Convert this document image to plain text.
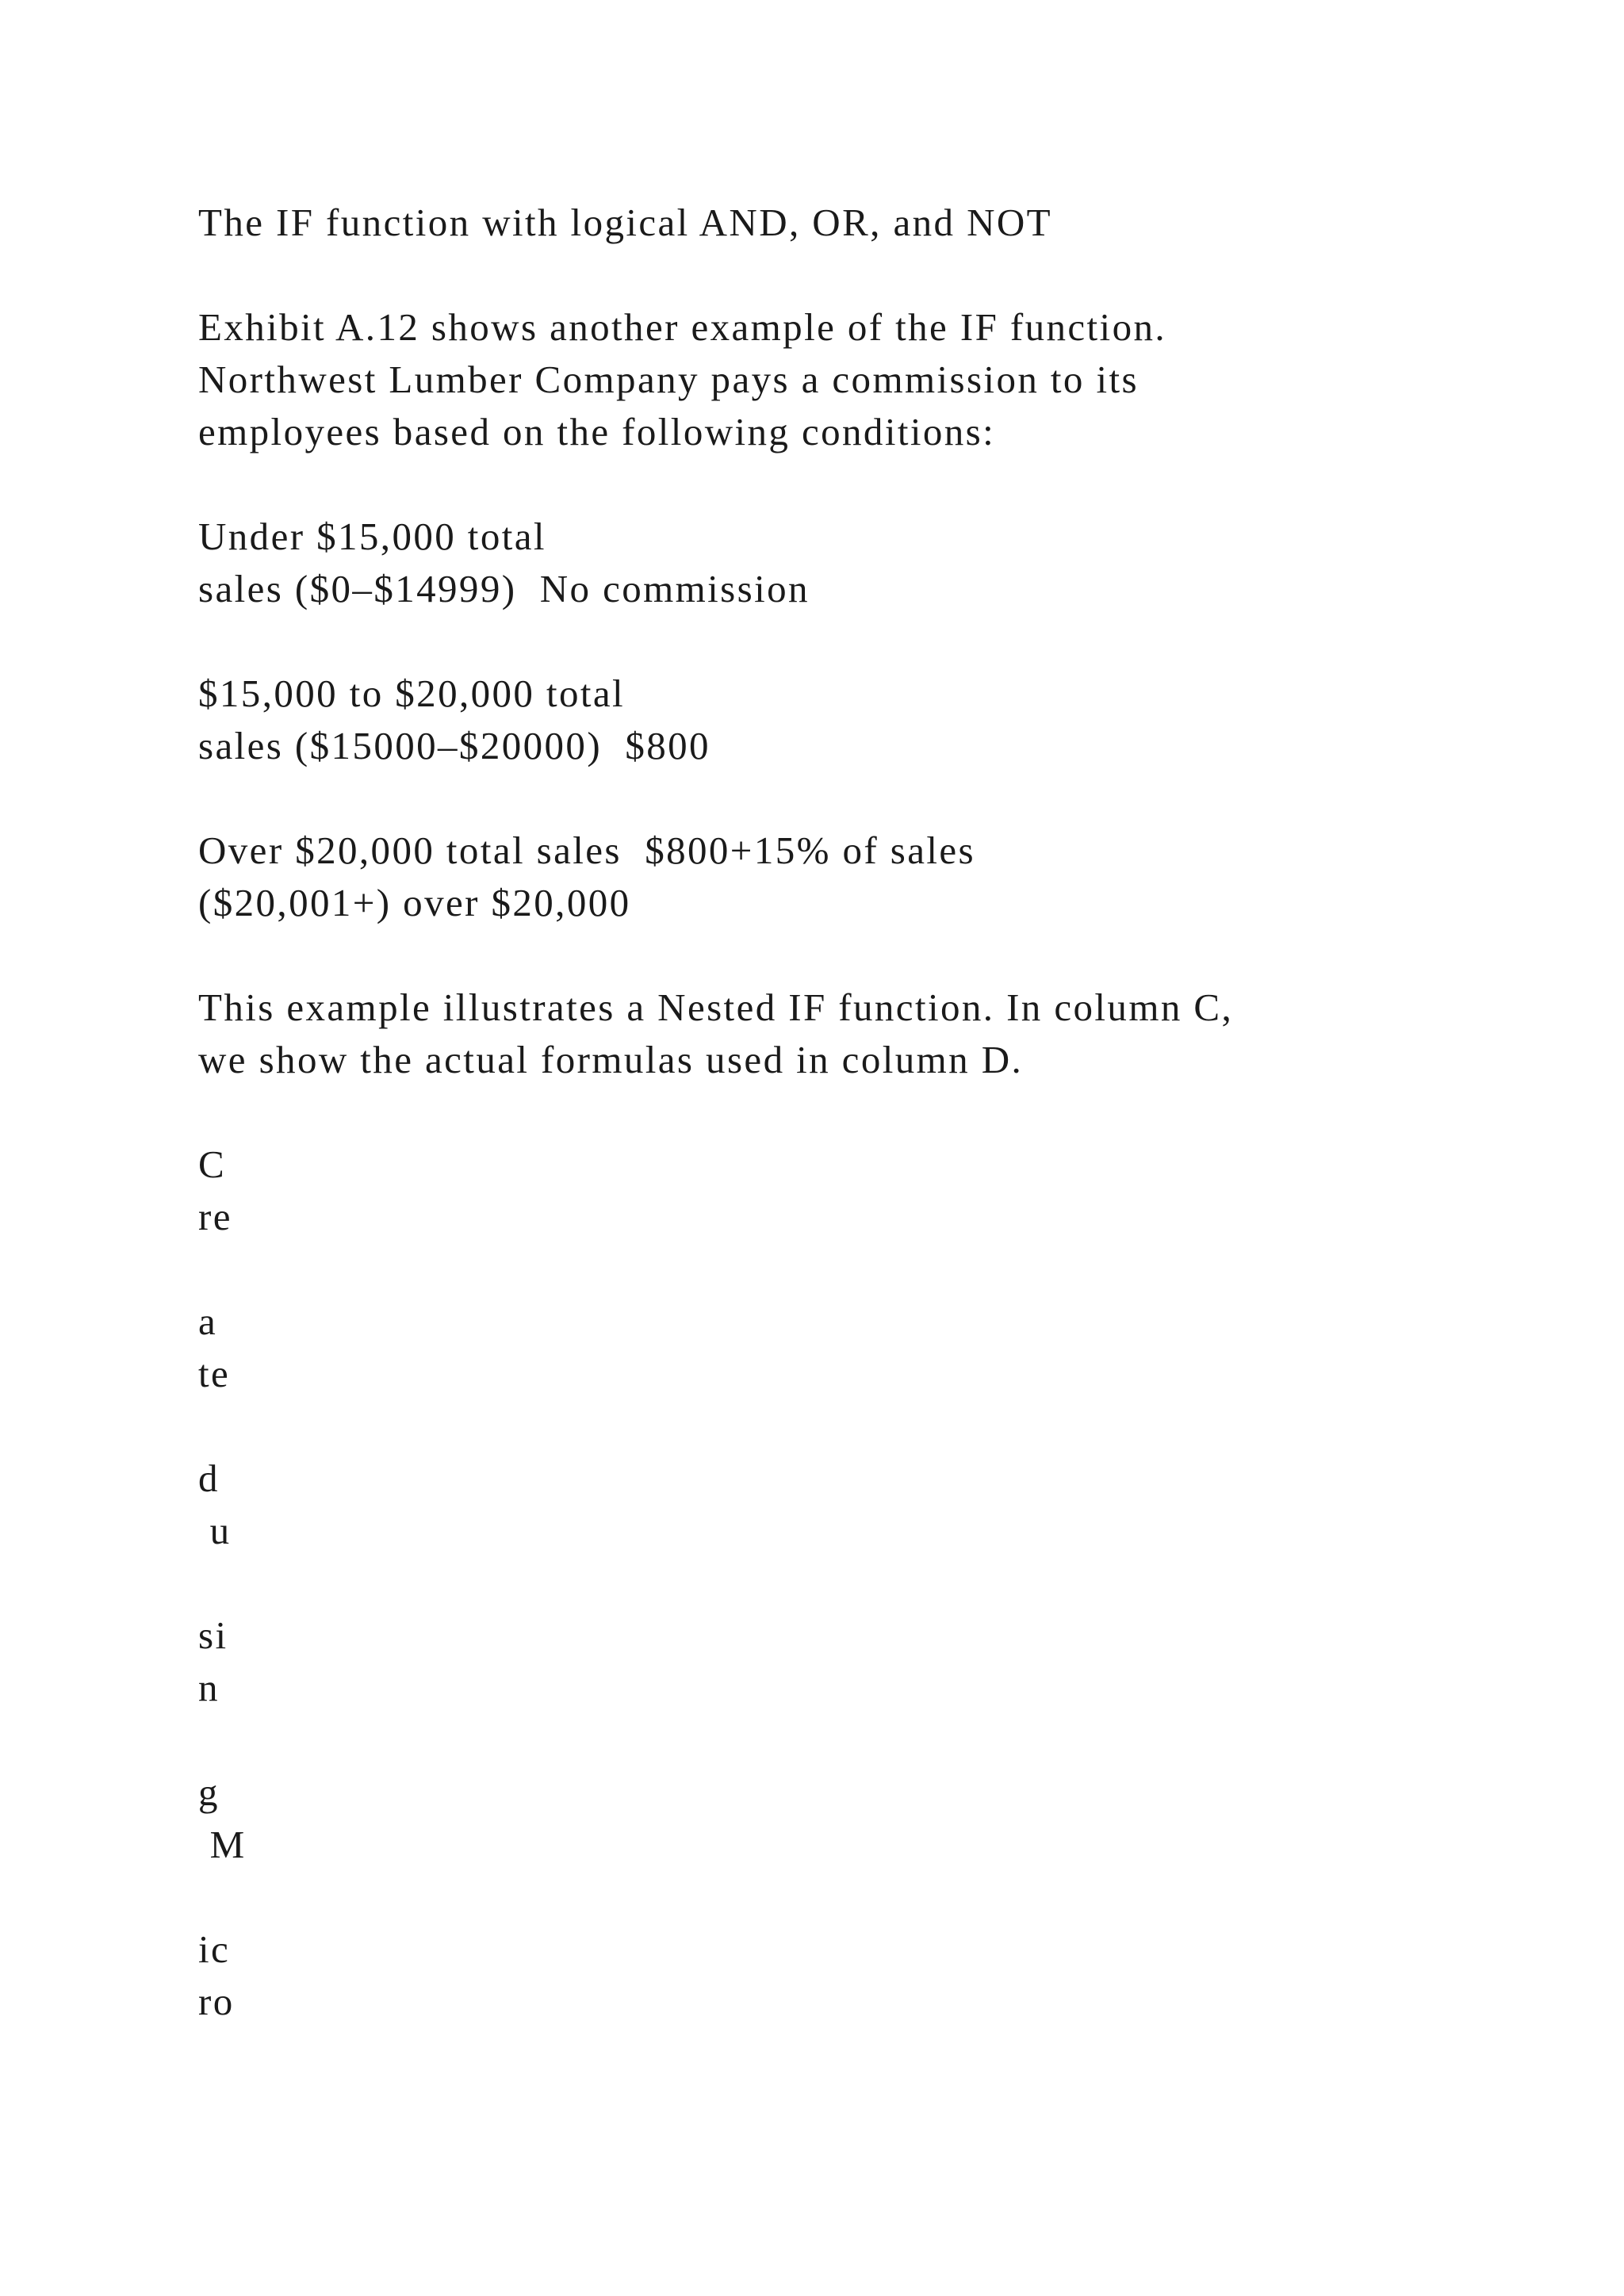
The IF function with logical AND, OR, and NOT
Exhibit A.12 shows another example of the IF function.
Northwest Lumber Company pays a commission to its
employees based on the following conditions:
Under $15,000 total
sales ($0–$14999)  No commission
$15,000 to $20,000 total
sales ($15000–$20000)  $800
Over $20,000 total sales  $800+15% of sales
($20,001+) over $20,000
This example illustrates a Nested IF function. In column C,
we show the actual formulas used in column D.
C
re
a
te
d
u
si
n
g
M
ic
ro
